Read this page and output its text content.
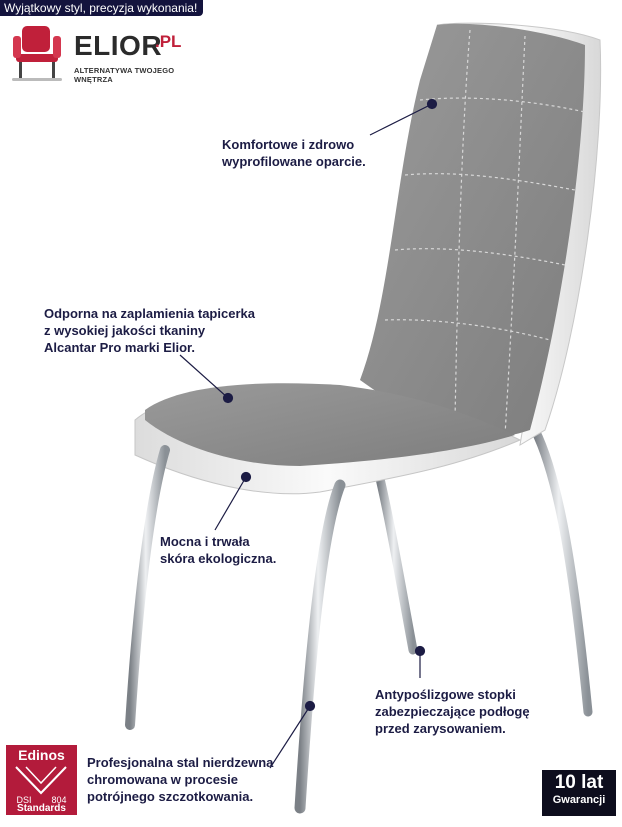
Wyjątkowy styl, precyzja wykonania!
ELIOR
.PL
ALTERNATYWA TWOJEGO WNĘTRZA
Komfortowe i zdrowo
wyprofilowane oparcie.
Odporna na zaplamienia tapicerka
z wysokiej jakości tkaniny
Alcantar Pro marki Elior.
Mocna i trwała
skóra ekologiczna.
Antypoślizgowe stopki
zabezpieczające podłogę
przed zarysowaniem.
Profesjonalna stal nierdzewna
chromowana w procesie
potrójnego szczotkowania.
Edinos
DSI 804
Standards
10 lat
Gwarancji
